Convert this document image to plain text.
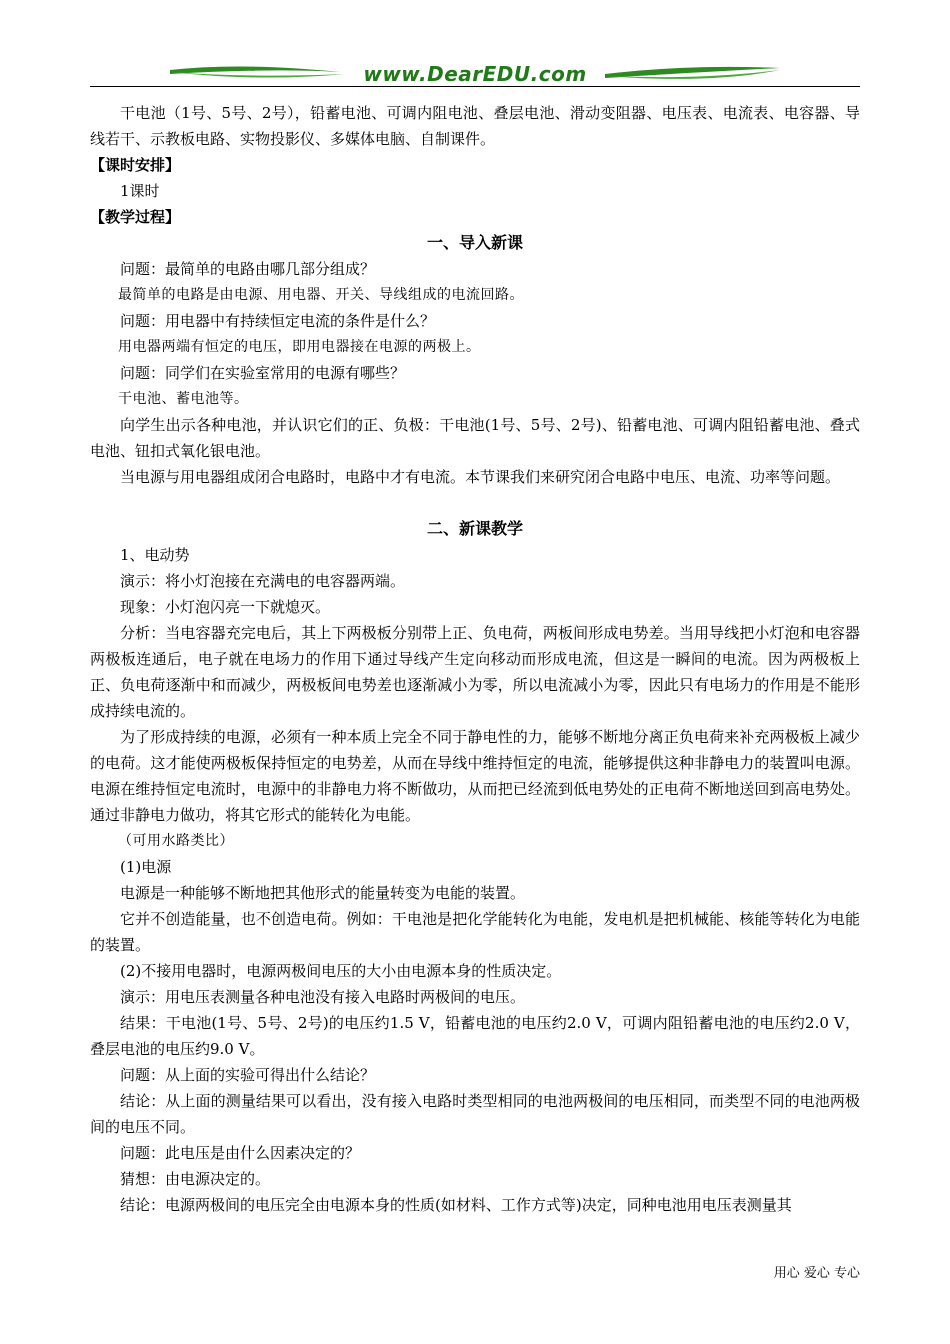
www.DearEDU.com

干电池（1号、5号、2号），铅蓄电池、可调内阻电池、叠层电池、滑动变阻器、电压表、电流表、电容器、导线若干、示教板电路、实物投影仪、多媒体电脑、自制课件。

【课时安排】

1课时

【教学过程】

一、导入新课

问题：最简单的电路由哪几部分组成？

最简单的电路是由电源、用电器、开关、导线组成的电流回路。

问题：用电器中有持续恒定电流的条件是什么？

用电器两端有恒定的电压，即用电器接在电源的两极上。

问题：同学们在实验室常用的电源有哪些？

干电池、蓄电池等。

向学生出示各种电池，并认识它们的正、负极：干电池(1号、5号、2号)、铅蓄电池、可调内阻铅蓄电池、叠式电池、钮扣式氧化银电池。

当电源与用电器组成闭合电路时，电路中才有电流。本节课我们来研究闭合电路中电压、电流、功率等问题。

二、新课教学

1、电动势

演示：将小灯泡接在充满电的电容器两端。

现象：小灯泡闪亮一下就熄灭。

分析：当电容器充完电后，其上下两极板分别带上正、负电荷，两板间形成电势差。当用导线把小灯泡和电容器两极板连通后，电子就在电场力的作用下通过导线产生定向移动而形成电流，但这是一瞬间的电流。因为两极板上正、负电荷逐渐中和而减少，两极板间电势差也逐渐减小为零，所以电流减小为零，因此只有电场力的作用是不能形成持续电流的。

为了形成持续的电源，必须有一种本质上完全不同于静电性的力，能够不断地分离正负电荷来补充两极板上减少的电荷。这才能使两极板保持恒定的电势差，从而在导线中维持恒定的电流，能够提供这种非静电力的装置叫电源。电源在维持恒定电流时，电源中的非静电力将不断做功，从而把已经流到低电势处的正电荷不断地送回到高电势处。通过非静电力做功，将其它形式的能转化为电能。

（可用水路类比）

(1)电源

电源是一种能够不断地把其他形式的能量转变为电能的装置。

它并不创造能量，也不创造电荷。例如：干电池是把化学能转化为电能，发电机是把机械能、核能等转化为电能的装置。

(2)不接用电器时，电源两极间电压的大小由电源本身的性质决定。

演示：用电压表测量各种电池没有接入电路时两极间的电压。

结果：干电池(1号、5号、2号)的电压约1.5 V，铅蓄电池的电压约2.0 V，可调内阻铅蓄电池的电压约2.0 V，叠层电池的电压约9.0 V。

问题：从上面的实验可得出什么结论？

结论：从上面的测量结果可以看出，没有接入电路时类型相同的电池两极间的电压相同，而类型不同的电池两极间的电压不同。

问题：此电压是由什么因素决定的？

猜想：由电源决定的。

结论：电源两极间的电压完全由电源本身的性质(如材料、工作方式等)决定，同种电池用电压表测量其

用心 爱心 专心
